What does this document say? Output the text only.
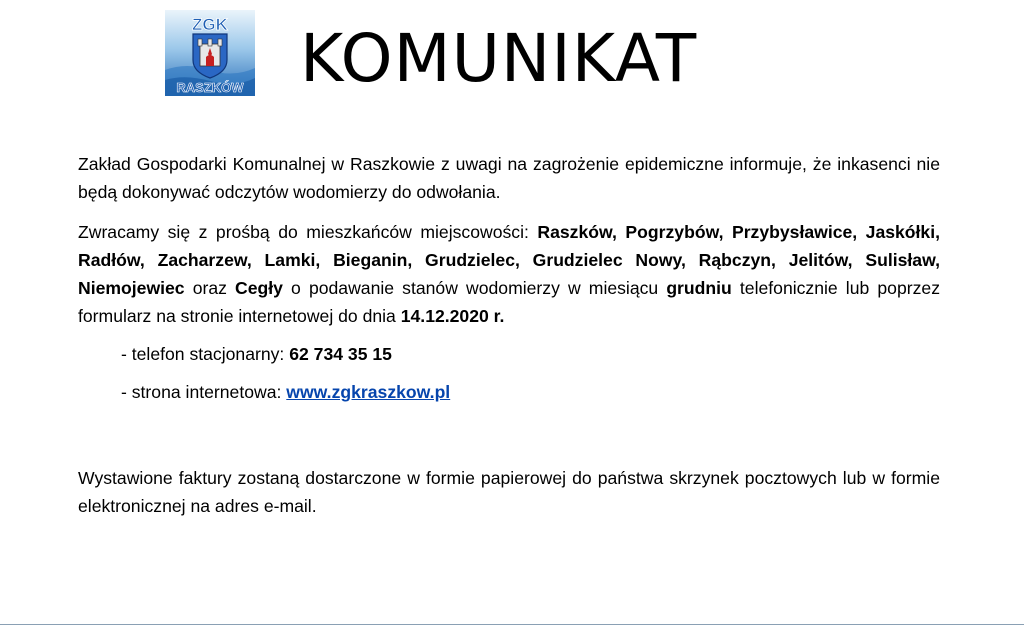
ZGK
RASZKÓW KOMUNIKAT

Zakład Gospodarki Komunalnej w Raszkowie z uwagi na zagrożenie epidemiczne informuje, że inkasenci nie będą dokonywać odczytów wodomierzy do odwołania.

Zwracamy się z prośbą do mieszkańców miejscowości: Raszków, Pogrzybów, Przybysławice, Jaskółki, Radłów, Zacharzew, Lamki, Bieganin, Grudzielec, Grudzielec Nowy, Rąbczyn, Jelitów, Sulisław, Niemojewiec oraz Cegły o podawanie stanów wodomierzy w miesiącu grudniu telefonicznie lub poprzez formularz na stronie internetowej do dnia 14.12.2020 r.

- telefon stacjonarny: 62 734 35 15

- strona internetowa: www.zgkraszkow.pl

Wystawione faktury zostaną dostarczone w formie papierowej do państwa skrzynek pocztowych lub w formie elektronicznej na adres e-mail.
